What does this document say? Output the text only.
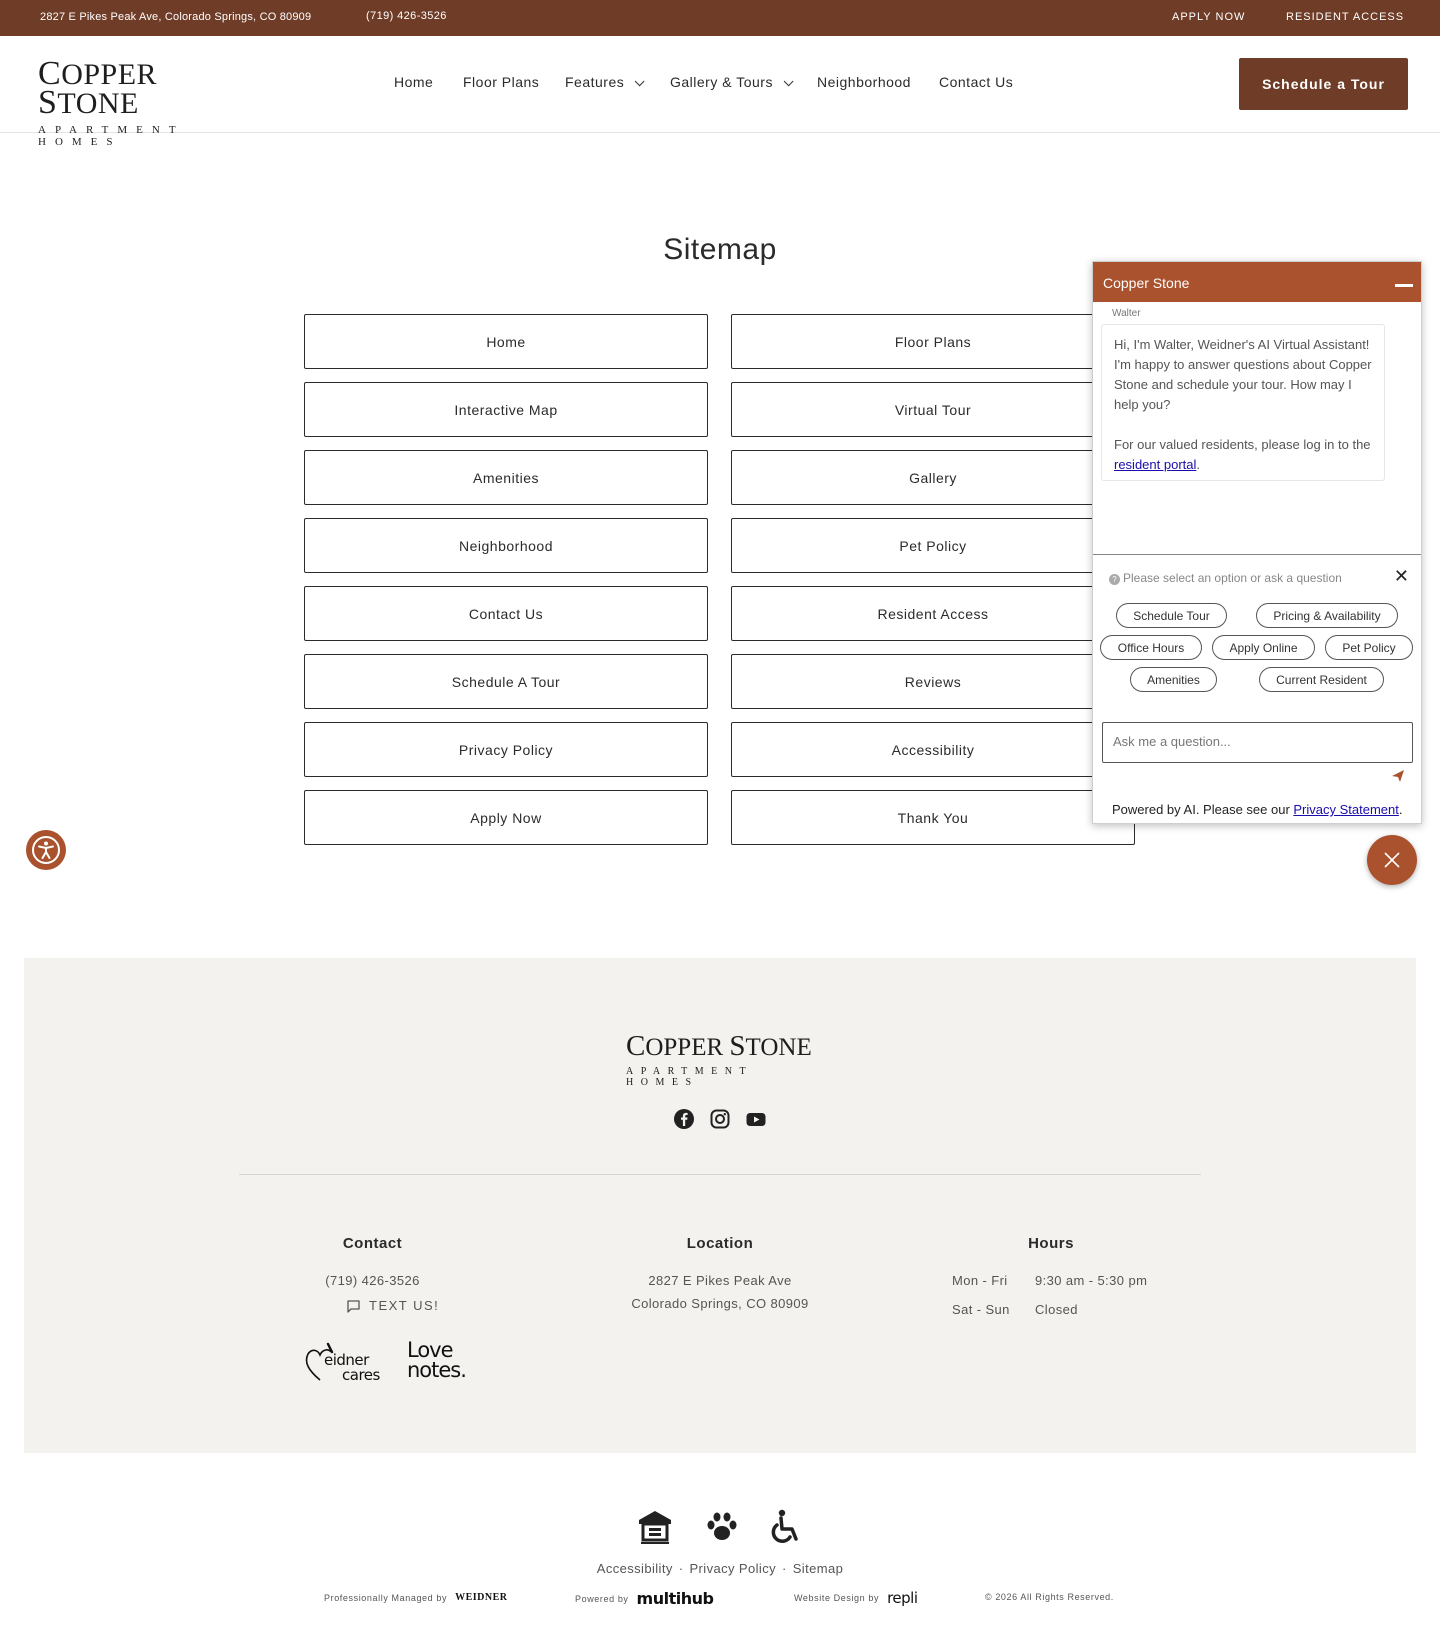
2827 E Pikes Peak Ave, Colorado Springs, CO 80909	(719) 426-3526	APPLY NOW	RESIDENT ACCESS
COPPER STONE
APARTMENT HOMES
Home Floor Plans Features	Gallery & Tours	Neighborhood Contact Us	Schedule a Tour
Sitemap
Home	Floor Plans
Interactive Map	Virtual Tour
Amenities	Gallery
Neighborhood	Pet Policy
Contact Us	Resident Access
Schedule A Tour	Reviews
Privacy Policy	Accessibility
Apply Now	Thank You
Copper Stone
Walter
Hi, I'm Walter, Weidner's AI Virtual Assistant! I'm happy to answer questions about Copper Stone and schedule your tour. How may I help you?
For our valued residents, please log in to the resident portal.
? Please select an option or ask a question	✕
Schedule Tour	Pricing & Availability
Office Hours	Apply Online	Pet Policy
Amenities	Current Resident
Ask me a question...
Powered by AI. Please see our Privacy Statement.
COPPER STONE
APARTMENT HOMES
Contact
(719) 426-3526
TEXT US!
eidner
cares
Love
notes.
Location
2827 E Pikes Peak Ave
Colorado Springs, CO 80909
Hours
Mon - Fri 9:30 am - 5:30 pm
Sat - Sun Closed
Accessibility · Privacy Policy · Sitemap
Professionally Managed by WEIDNER	Powered by multihub	Website Design by repli	© 2026 All Rights Reserved.
